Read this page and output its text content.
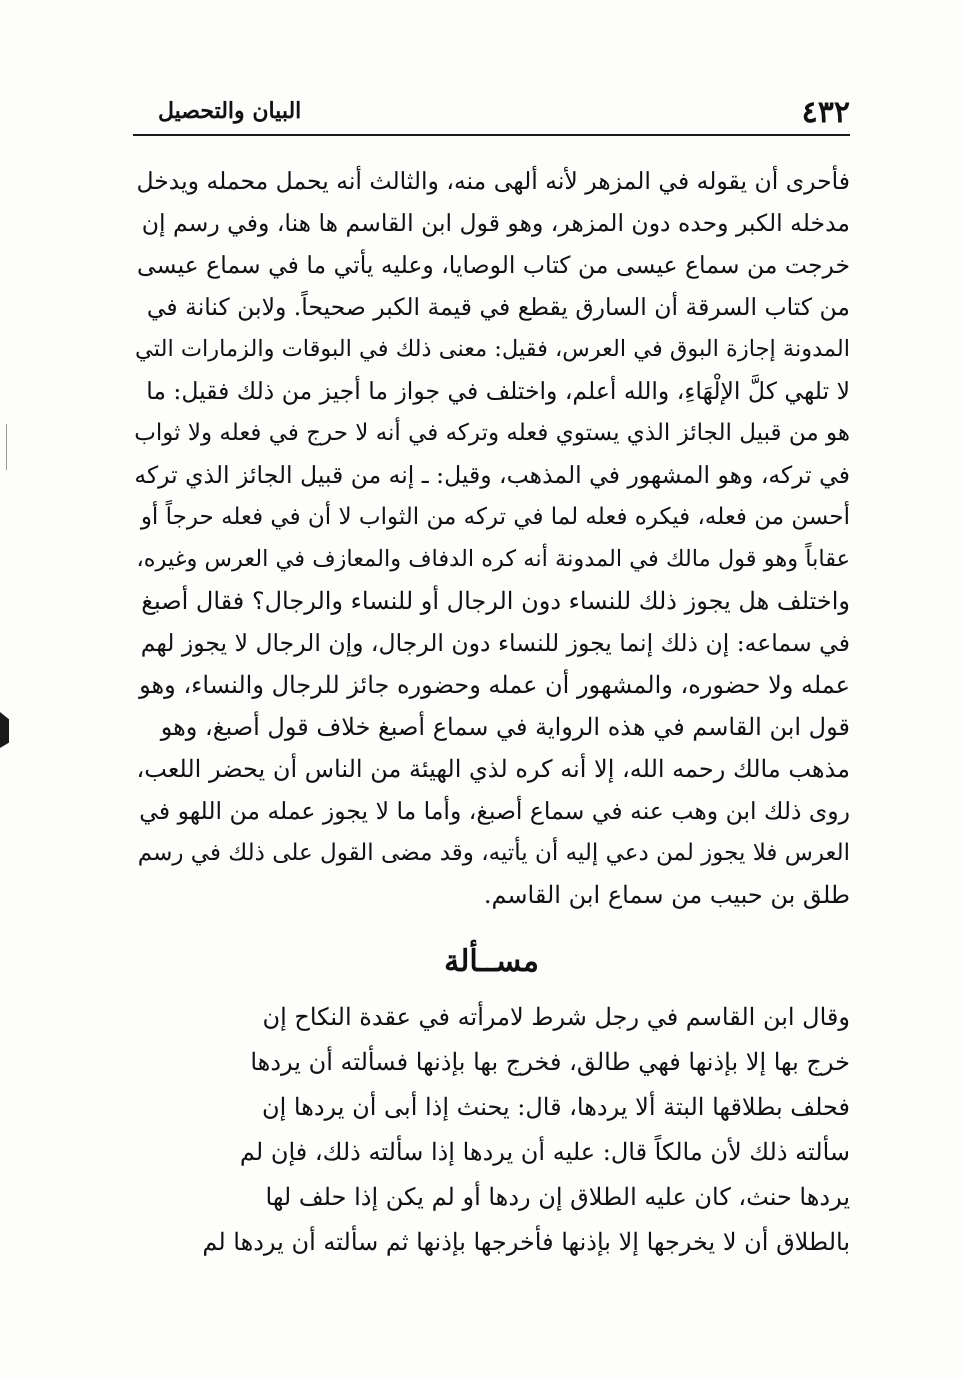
٤٣٢
البيان والتحصيل
فأحرى أن يقوله في المزهر لأنه ألهى منه، والثالث أنه يحمل محمله ويدخل
مدخله الكبر وحده دون المزهر، وهو قول ابن القاسم ها هنا، وفي رسم إن
خرجت من سماع عيسى من كتاب الوصايا، وعليه يأتي ما في سماع عيسى
من كتاب السرقة أن السارق يقطع في قيمة الكبر صحيحاً. ولابن كنانة في
المدونة إجازة البوق في العرس، فقيل: معنى ذلك في البوقات والزمارات التي
لا تلهي كلَّ الإلْهَاءِ، والله أعلم، واختلف في جواز ما أجيز من ذلك فقيل: ما
هو من قبيل الجائز الذي يستوي فعله وتركه في أنه لا حرج في فعله ولا ثواب
في تركه، وهو المشهور في المذهب، وقيل: ـ إنه من قبيل الجائز الذي تركه
أحسن من فعله، فيكره فعله لما في تركه من الثواب لا أن في فعله حرجاً أو
عقاباً وهو قول مالك في المدونة أنه كره الدفاف والمعازف في العرس وغيره،
واختلف هل يجوز ذلك للنساء دون الرجال أو للنساء والرجال؟ فقال أصبغ
في سماعه: إن ذلك إنما يجوز للنساء دون الرجال، وإن الرجال لا يجوز لهم
عمله ولا حضوره، والمشهور أن عمله وحضوره جائز للرجال والنساء، وهو
قول ابن القاسم في هذه الرواية في سماع أصبغ خلاف قول أصبغ، وهو
مذهب مالك رحمه الله، إلا أنه كره لذي الهيئة من الناس أن يحضر اللعب،
روى ذلك ابن وهب عنه في سماع أصبغ، وأما ما لا يجوز عمله من اللهو في
العرس فلا يجوز لمن دعي إليه أن يأتيه، وقد مضى القول على ذلك في رسم
طلق بن حبيب من سماع ابن القاسم.
مســألة
وقال ابن القاسم في رجل شرط لامرأته في عقدة النكاح إن
خرج بها إلا بإذنها فهي طالق، فخرج بها بإذنها فسألته أن يردها
فحلف بطلاقها البتة ألا يردها، قال: يحنث إذا أبى أن يردها إن
سألته ذلك لأن مالكاً قال: عليه أن يردها إذا سألته ذلك، فإن لم
يردها حنث، كان عليه الطلاق إن ردها أو لم يكن إذا حلف لها
بالطلاق أن لا يخرجها إلا بإذنها فأخرجها بإذنها ثم سألته أن يردها لم
